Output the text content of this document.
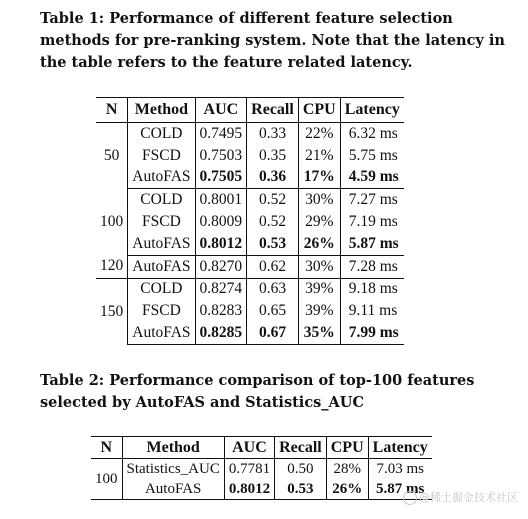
Table 1: Performance of different feature selection methods for pre-ranking system. Note that the latency in the table refers to the feature related latency.
N	Method	AUC	Recall	CPU	Latency
50	COLD	0.7495	0.33	22%	6.32 ms
	FSCD	0.7503	0.35	21%	5.75 ms
	AutoFAS	0.7505	0.36	17%	4.59 ms
100	COLD	0.8001	0.52	30%	7.27 ms
	FSCD	0.8009	0.52	29%	7.19 ms
	AutoFAS	0.8012	0.53	26%	5.87 ms
120	AutoFAS	0.8270	0.62	30%	7.28 ms
150	COLD	0.8274	0.63	39%	9.18 ms
	FSCD	0.8283	0.65	39%	9.11 ms
	AutoFAS	0.8285	0.67	35%	7.99 ms
Table 2: Performance comparison of top-100 features selected by AutoFAS and Statistics_AUC
N	Method	AUC	Recall	CPU	Latency
100	Statistics_AUC	0.7781	0.50	28%	7.03 ms
	AutoFAS	0.8012	0.53	26%	5.87 ms
@稀土掘金技术社区
